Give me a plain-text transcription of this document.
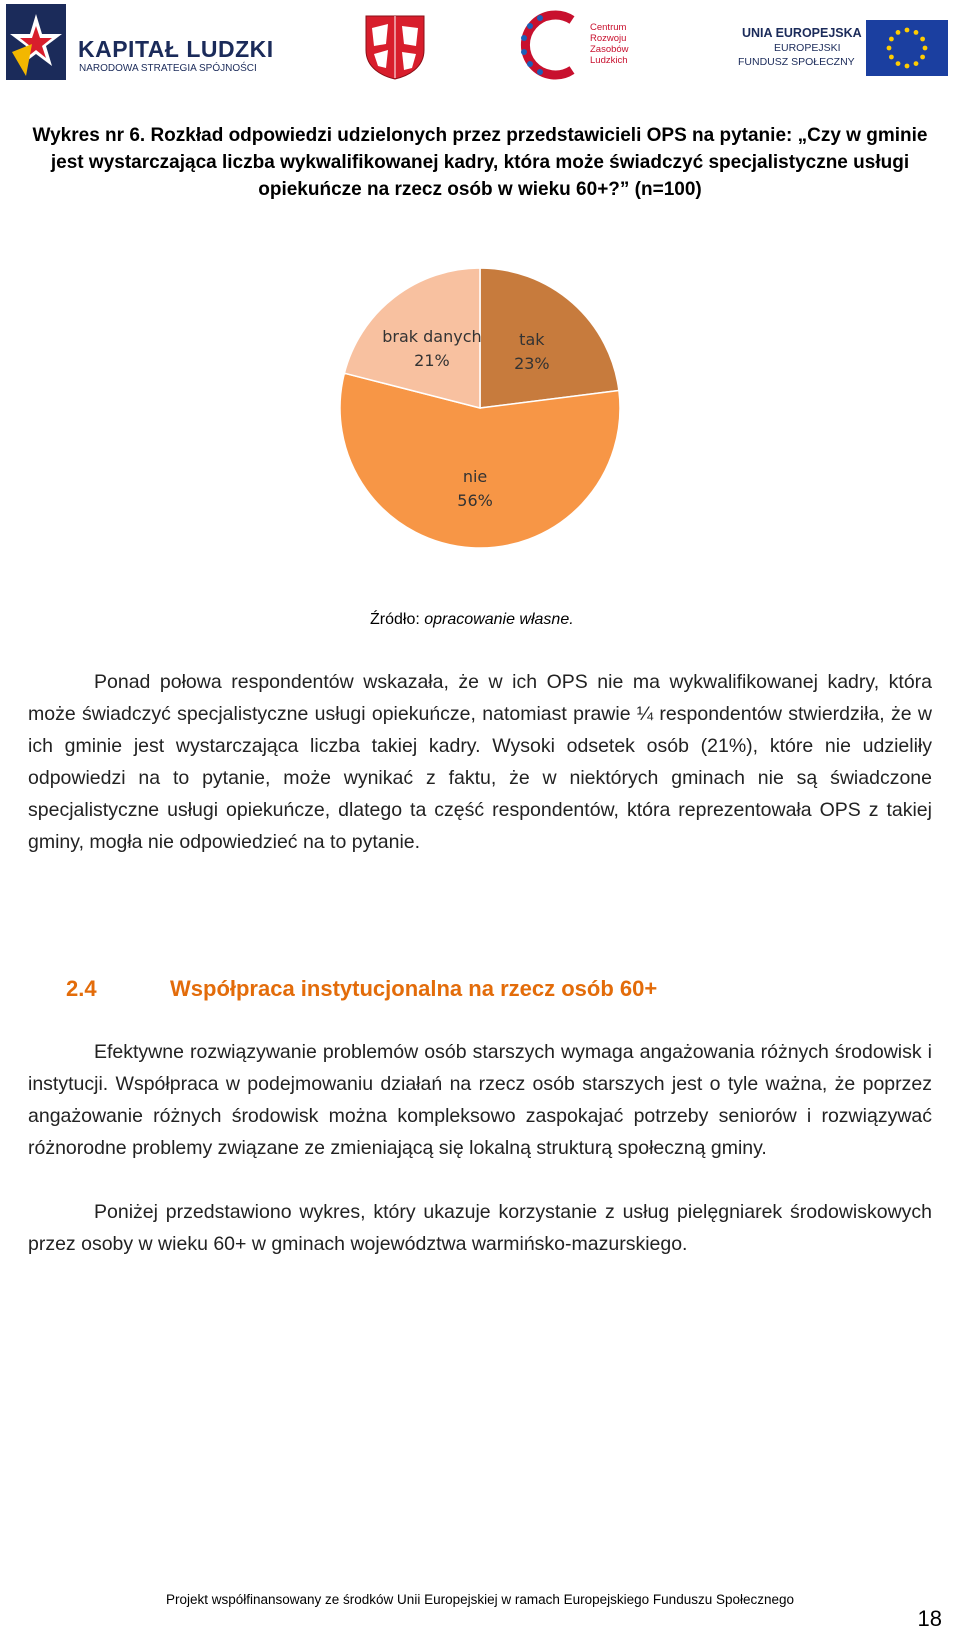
KAPITAŁ LUDZKI
NARODOWA STRATEGIA SPÓJNOŚCI
Centrum
Rozwoju
Zasobów
Ludzkich
UNIA EUROPEJSKA
EUROPEJSKI
FUNDUSZ SPOŁECZNY
Wykres nr 6. Rozkład odpowiedzi udzielonych przez przedstawicieli OPS na pytanie: „Czy w gminie jest wystarczająca liczba wykwalifikowanej kadry, która może świadczyć specjalistyczne usługi opiekuńcze na rzecz osób w wieku 60+?” (n=100)
tak
23%
nie
56%
brak danych
21%
Źródło: opracowanie własne.

Ponad połowa respondentów wskazała, że w ich OPS nie ma wykwalifikowanej kadry, która może świadczyć specjalistyczne usługi opiekuńcze, natomiast prawie ¼ respondentów stwierdziła, że w ich gminie jest wystarczająca liczba takiej kadry. Wysoki odsetek osób (21%), które nie udzieliły odpowiedzi na to pytanie, może wynikać z faktu, że w niektórych gminach nie są świadczone specjalistyczne usługi opiekuńcze, dlatego ta część respondentów, która reprezentowała OPS z takiej gminy, mogła nie odpowiedzieć na to pytanie.

2.4	Współpraca instytucjonalna na rzecz osób 60+

Efektywne rozwiązywanie problemów osób starszych wymaga angażowania różnych środowisk i instytucji. Współpraca w podejmowaniu działań na rzecz osób starszych jest o tyle ważna, że poprzez angażowanie różnych środowisk można kompleksowo zaspokajać potrzeby seniorów i rozwiązywać różnorodne problemy związane ze zmieniającą się lokalną strukturą społeczną gminy.

Poniżej przedstawiono wykres, który ukazuje korzystanie z usług pielęgniarek środowiskowych przez osoby w wieku 60+ w gminach województwa warmińsko-mazurskiego.

Projekt współfinansowany ze środków Unii Europejskiej w ramach Europejskiego Funduszu Społecznego
18
